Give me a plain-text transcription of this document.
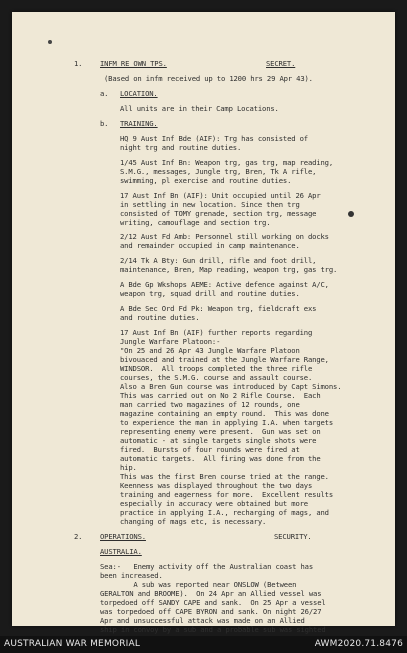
1. INFM RE OWN TPS.	SECRET.
(Based on infm received up to 1200 hrs 29 Apr 43).
a. LOCATION.
All units are in their Camp Locations.
b. TRAINING.
HQ 9 Aust Inf Bde (AIF): Trg has consisted of
night trg and routine duties.
1/45 Aust Inf Bn: Weapon trg, gas trg, map reading,
S.M.G., messages, Jungle trg, Bren, Tk A rifle,
swimming, pl exercise and routine duties.
17 Aust Inf Bn (AIF): Unit occupied until 26 Apr
in settling in new location. Since then trg
consisted of TOMY grenade, section trg, message
writing, camouflage and section trg.
2/12 Aust Fd Amb: Personnel still working on docks
and remainder occupied in camp maintenance.
2/14 Tk A Bty: Gun drill, rifle and foot drill,
maintenance, Bren, Map reading, weapon trg, gas trg.
A Bde Gp Wkshops AEME: Active defence against A/C,
weapon trg, squad drill and routine duties.
A Bde Sec Ord Fd Pk: Weapon trg, fieldcraft exs
and routine duties.
17 Aust Inf Bn (AIF) further reports regarding
Jungle Warfare Platoon:-
"On 25 and 26 Apr 43 Jungle Warfare Platoon
bivouaced and trained at the Jungle Warfare Range,
WINDSOR.  All troops completed the three rifle
courses, the S.M.G. course and assault course.
Also a Bren Gun course was introduced by Capt Simons.
This was carried out on No 2 Rifle Course.  Each
man carried two magazines of 12 rounds, one
magazine containing an empty round.  This was done
to experience the man in applying I.A. when targets
representing enemy were present.  Gun was set on
automatic - at single targets single shots were
fired.  Bursts of four rounds were fired at
automatic targets.  All firing was done from the
hip.
This was the first Bren course tried at the range.
Keenness was displayed throughout the two days
training and eagerness for more.  Excellent results
especially in accuracy were obtained but more
practice in applying I.A., recharging of mags, and
changing of mags etc, is necessary.
2. OPERATIONS.	SECURITY.
AUSTRALIA.
Sea:-   Enemy activity off the Australian coast has
been increased.
A sub was reported near ONSLOW (Between
GERALTON and BROOME).  On 24 Apr an Allied vessel was
torpedoed off SANDY CAPE and sank.  On 25 Apr a vessel
was torpedoed off CAPE BYRON and sank. On night 26/27
Apr and unsuccessful attack was made on an Allied
ship in convoy by a sub and a probable sub was sighted
AUSTRALIAN WAR MEMORIAL	AWM2020.71.8476
